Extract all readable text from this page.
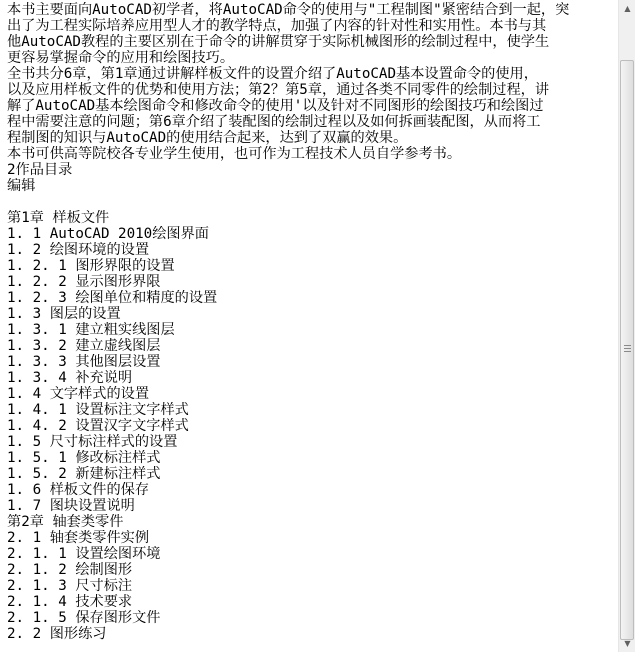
本书主要面向AutoCAD初学者，将AutoCAD命令的使用与"工程制图"紧密结合到一起，突
出了为工程实际培养应用型人才的教学特点，加强了内容的针对性和实用性。本书与其
他AutoCAD教程的主要区别在于命令的讲解贯穿于实际机械图形的绘制过程中，使学生
更容易掌握命令的应用和绘图技巧。
全书共分6章，第1章通过讲解样板文件的设置介绍了AutoCAD基本设置命令的使用，
以及应用样板文件的优势和使用方法；第2？第5章，通过各类不同零件的绘制过程，讲
解了AutoCAD基本绘图命令和修改命令的使用'以及针对不同图形的绘图技巧和绘图过
程中需要注意的问题；第6章介绍了装配图的绘制过程以及如何拆画装配图，从而将工
程制图的知识与AutoCAD的使用结合起来，达到了双赢的效果。
本书可供高等院校各专业学生使用，也可作为工程技术人员自学参考书。
2作品目录
编辑
第1章 样板文件
1. 1 AutoCAD 2010绘图界面
1. 2 绘图环境的设置
1. 2. 1 图形界限的设置
1. 2. 2 显示图形界限
1. 2. 3 绘图单位和精度的设置
1. 3 图层的设置
1. 3. 1 建立粗实线图层
1. 3. 2 建立虚线图层
1. 3. 3 其他图层设置
1. 3. 4 补充说明
1. 4 文字样式的设置
1. 4. 1 设置标注文字样式
1. 4. 2 设置汉字文字样式
1. 5 尺寸标注样式的设置
1. 5. 1 修改标注样式
1. 5. 2 新建标注样式
1. 6 样板文件的保存
1. 7 图块设置说明
第2章 轴套类零件
2. 1 轴套类零件实例
2. 1. 1 设置绘图环境
2. 1. 2 绘制图形
2. 1. 3 尺寸标注
2. 1. 4 技术要求
2. 1. 5 保存图形文件
2. 2 图形练习
▲
▼
